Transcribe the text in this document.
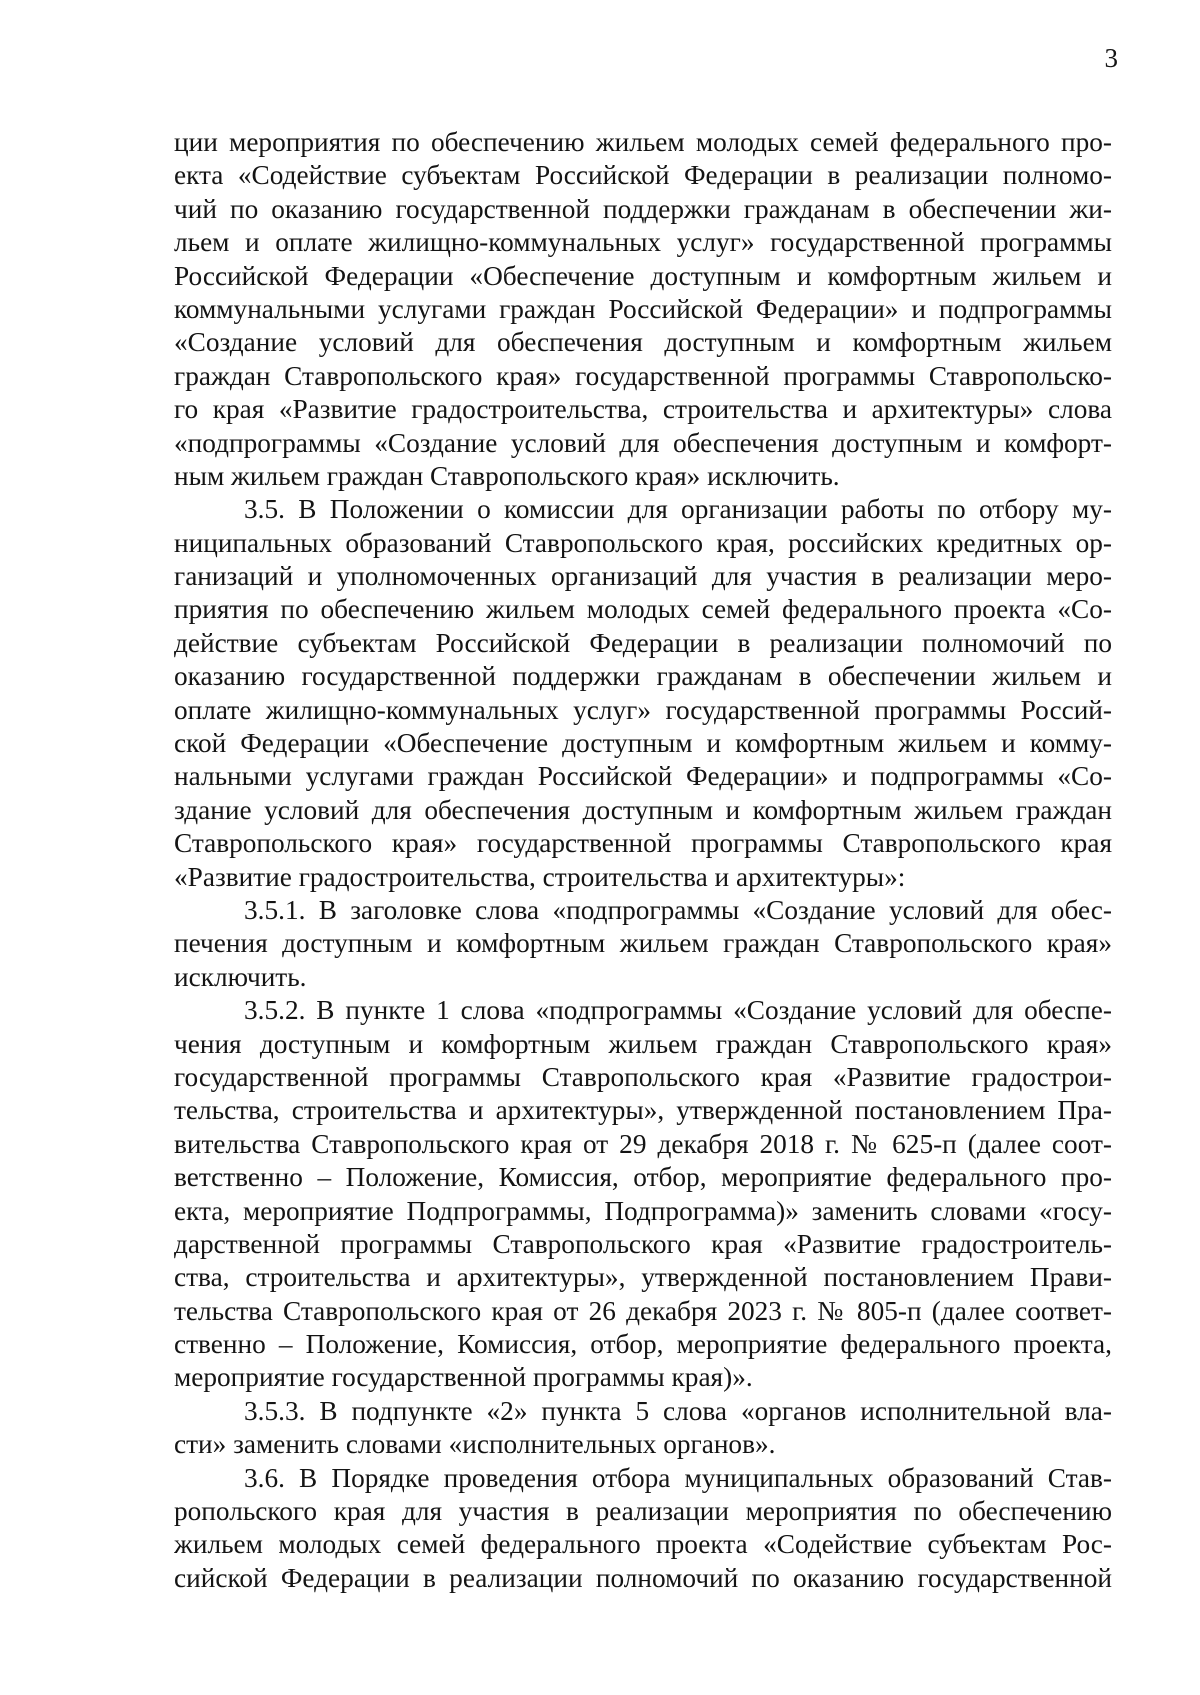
3
ции мероприятия по обеспечению жильем молодых семей федерального про-
екта «Содействие субъектам Российской Федерации в реализации полномо-
чий по оказанию государственной поддержки гражданам в обеспечении жи-
льем и оплате жилищно-коммунальных услуг» государственной программы
Российской Федерации «Обеспечение доступным и комфортным жильем и
коммунальными услугами граждан Российской Федерации» и подпрограммы
«Создание условий для обеспечения доступным и комфортным жильем
граждан Ставропольского края» государственной программы Ставропольско-
го края «Развитие градостроительства, строительства и архитектуры» слова
«подпрограммы «Создание условий для обеспечения доступным и комфорт-
ным жильем граждан Ставропольского края» исключить.
3.5. В Положении о комиссии для организации работы по отбору му-
ниципальных образований Ставропольского края, российских кредитных ор-
ганизаций и уполномоченных организаций для участия в реализации меро-
приятия по обеспечению жильем молодых семей федерального проекта «Со-
действие субъектам Российской Федерации в реализации полномочий по
оказанию государственной поддержки гражданам в обеспечении жильем и
оплате жилищно-коммунальных услуг» государственной программы Россий-
ской Федерации «Обеспечение доступным и комфортным жильем и комму-
нальными услугами граждан Российской Федерации» и подпрограммы «Со-
здание условий для обеспечения доступным и комфортным жильем граждан
Ставропольского края» государственной программы Ставропольского края
«Развитие градостроительства, строительства и архитектуры»:
3.5.1. В заголовке слова «подпрограммы «Создание условий для обес-
печения доступным и комфортным жильем граждан Ставропольского края»
исключить.
3.5.2. В пункте 1 слова «подпрограммы «Создание условий для обеспе-
чения доступным и комфортным жильем граждан Ставропольского края»
государственной программы Ставропольского края «Развитие градострои-
тельства, строительства и архитектуры», утвержденной постановлением Пра-
вительства Ставропольского края от 29 декабря 2018 г. № 625-п (далее соот-
ветственно – Положение, Комиссия, отбор, мероприятие федерального про-
екта, мероприятие Подпрограммы, Подпрограмма)» заменить словами «госу-
дарственной программы Ставропольского края «Развитие градостроитель-
ства, строительства и архитектуры», утвержденной постановлением Прави-
тельства Ставропольского края от 26 декабря 2023 г. № 805-п (далее соответ-
ственно – Положение, Комиссия, отбор, мероприятие федерального проекта,
мероприятие государственной программы края)».
3.5.3. В подпункте «2» пункта 5 слова «органов исполнительной вла-
сти» заменить словами «исполнительных органов».
3.6. В Порядке проведения отбора муниципальных образований Став-
ропольского края для участия в реализации мероприятия по обеспечению
жильем молодых семей федерального проекта «Содействие субъектам Рос-
сийской Федерации в реализации полномочий по оказанию государственной
